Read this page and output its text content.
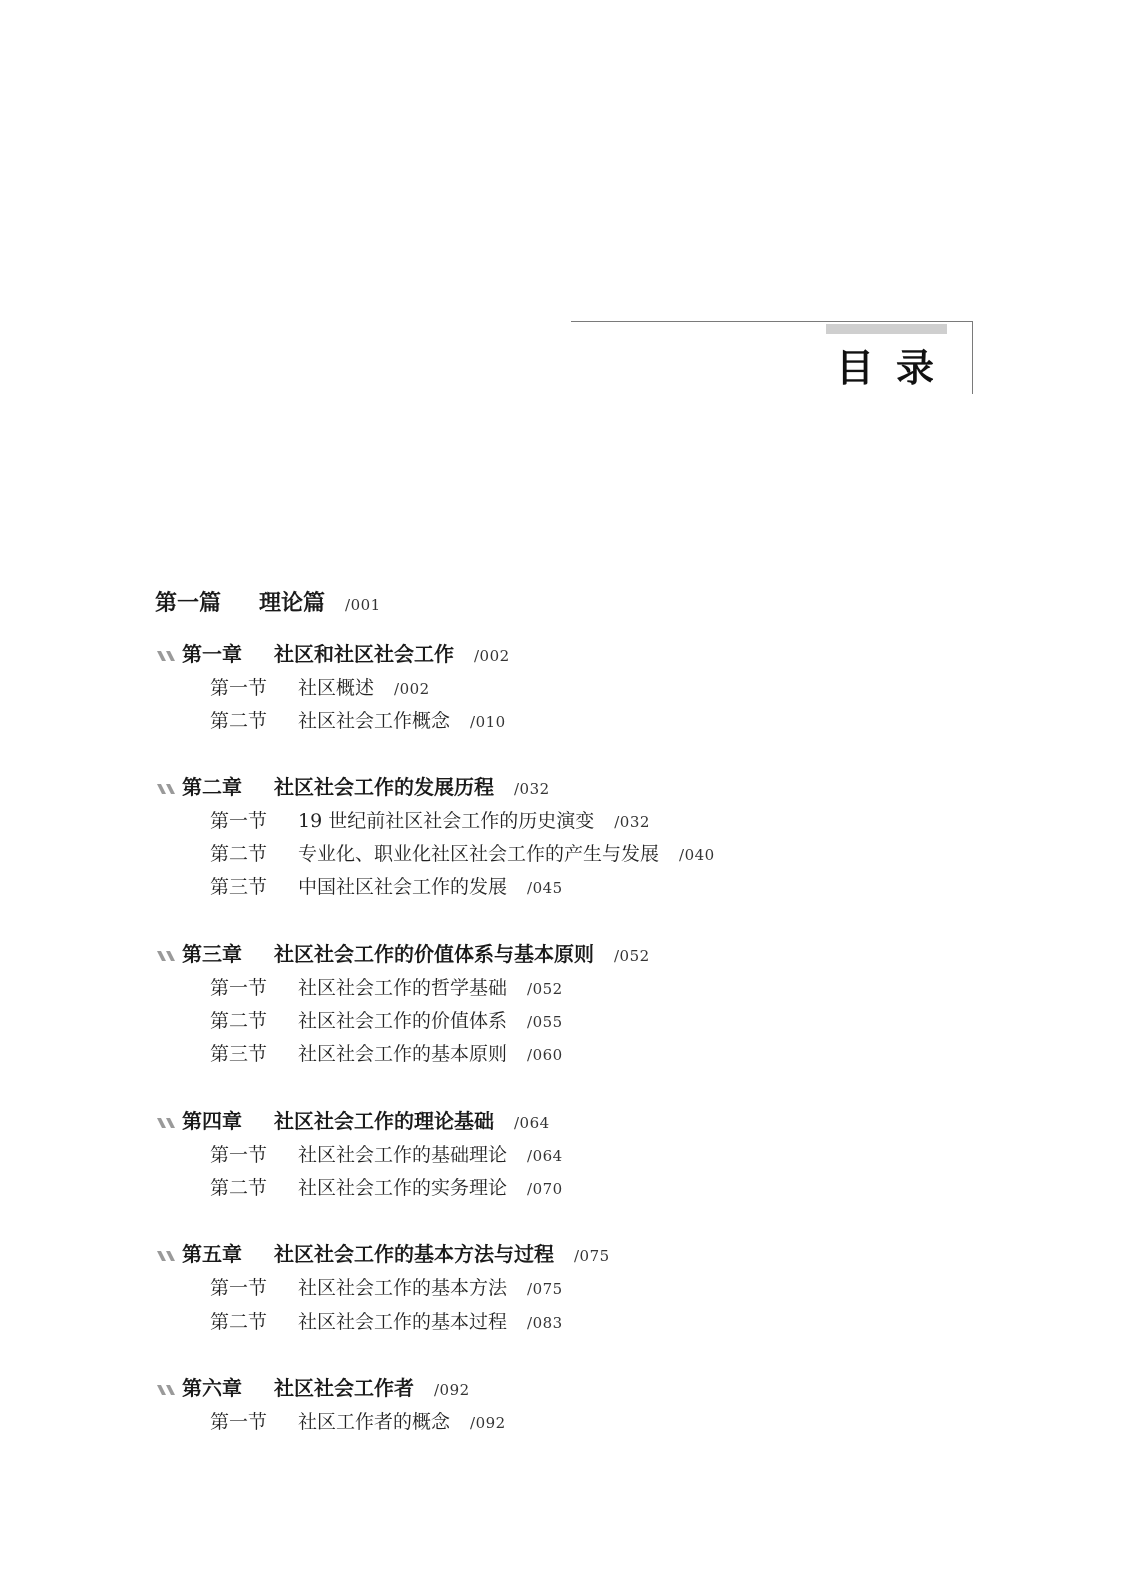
目录
第一篇 理论篇 /001
第一章 社区和社区社会工作 /002
第一节 社区概述 /002
第二节 社区社会工作概念 /010
第二章 社区社会工作的发展历程 /032
第一节 19 世纪前社区社会工作的历史演变 /032
第二节 专业化、职业化社区社会工作的产生与发展 /040
第三节 中国社区社会工作的发展 /045
第三章 社区社会工作的价值体系与基本原则 /052
第一节 社区社会工作的哲学基础 /052
第二节 社区社会工作的价值体系 /055
第三节 社区社会工作的基本原则 /060
第四章 社区社会工作的理论基础 /064
第一节 社区社会工作的基础理论 /064
第二节 社区社会工作的实务理论 /070
第五章 社区社会工作的基本方法与过程 /075
第一节 社区社会工作的基本方法 /075
第二节 社区社会工作的基本过程 /083
第六章 社区社会工作者 /092
第一节 社区工作者的概念 /092
